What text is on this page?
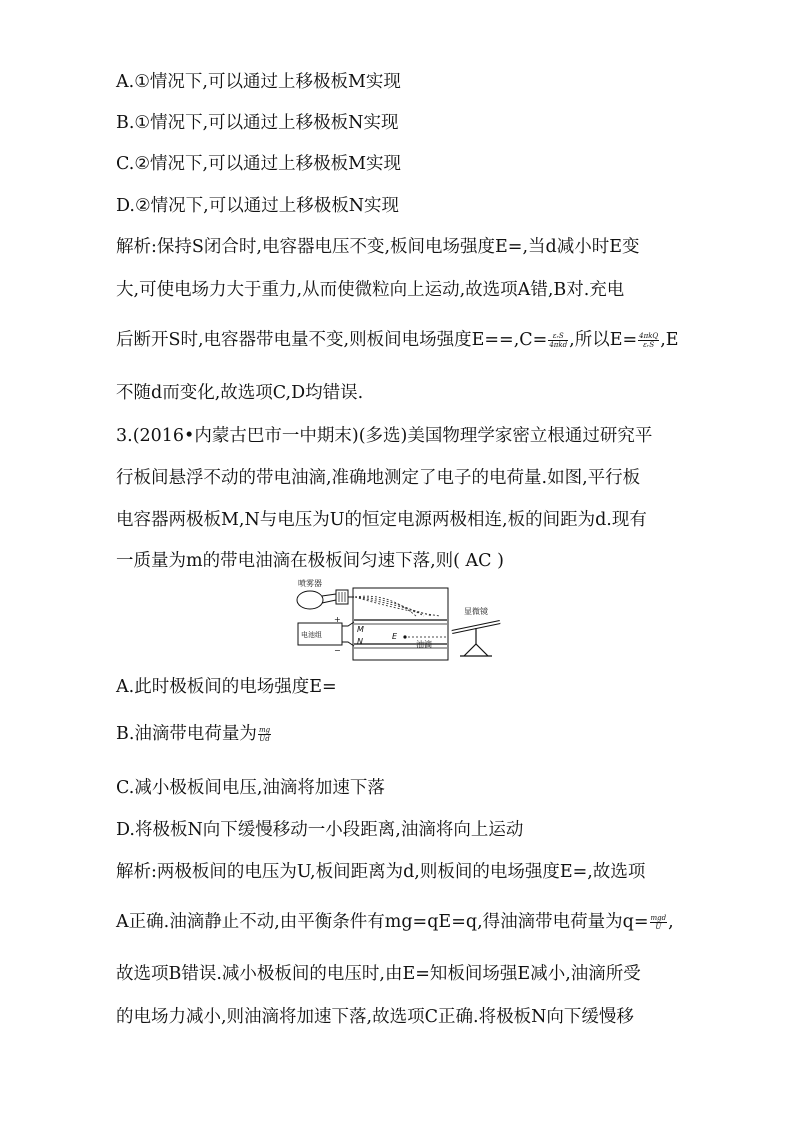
A.①情况下,可以通过上移极板M实现
B.①情况下,可以通过上移极板N实现
C.②情况下,可以通过上移极板M实现
D.②情况下,可以通过上移极板N实现
解析:保持S闭合时,电容器电压不变,板间电场强度E=,当d减小时E变
大,可使电场力大于重力,从而使微粒向上运动,故选项A错,B对.充电
后断开S时,电容器带电量不变,则板间电场强度E==,C= εᵣS
4πkd ,所以E= 4πkQ
εᵣS ,E
不随d而变化,故选项C,D均错误.
3.(2016•内蒙古巴市一中期末)(多选)美国物理学家密立根通过研究平
行板间悬浮不动的带电油滴,准确地测定了电子的电荷量.如图,平行板
电容器两极板M,N与电压为U的恒定电源两极相连,板的间距为d.现有
一质量为m的带电油滴在极板间匀速下落,则( AC )
喷雾器
M
N
E
油滴
电池组
+
−
显微镜
A.此时极板间的电场强度E=
B.油滴带电荷量为 $\frac{mg}{Ud}$
C.减小极板间电压,油滴将加速下落
D.将极板N向下缓慢移动一小段距离,油滴将向上运动
解析:两极板间的电压为U,板间距离为d,则板间的电场强度E=,故选项
A正确.油滴静止不动,由平衡条件有mg=qE=q,得油滴带电荷量为q= mgd
U ,
故选项B错误.减小极板间的电压时,由E=知板间场强E减小,油滴所受
的电场力减小,则油滴将加速下落,故选项C正确.将极板N向下缓慢移
